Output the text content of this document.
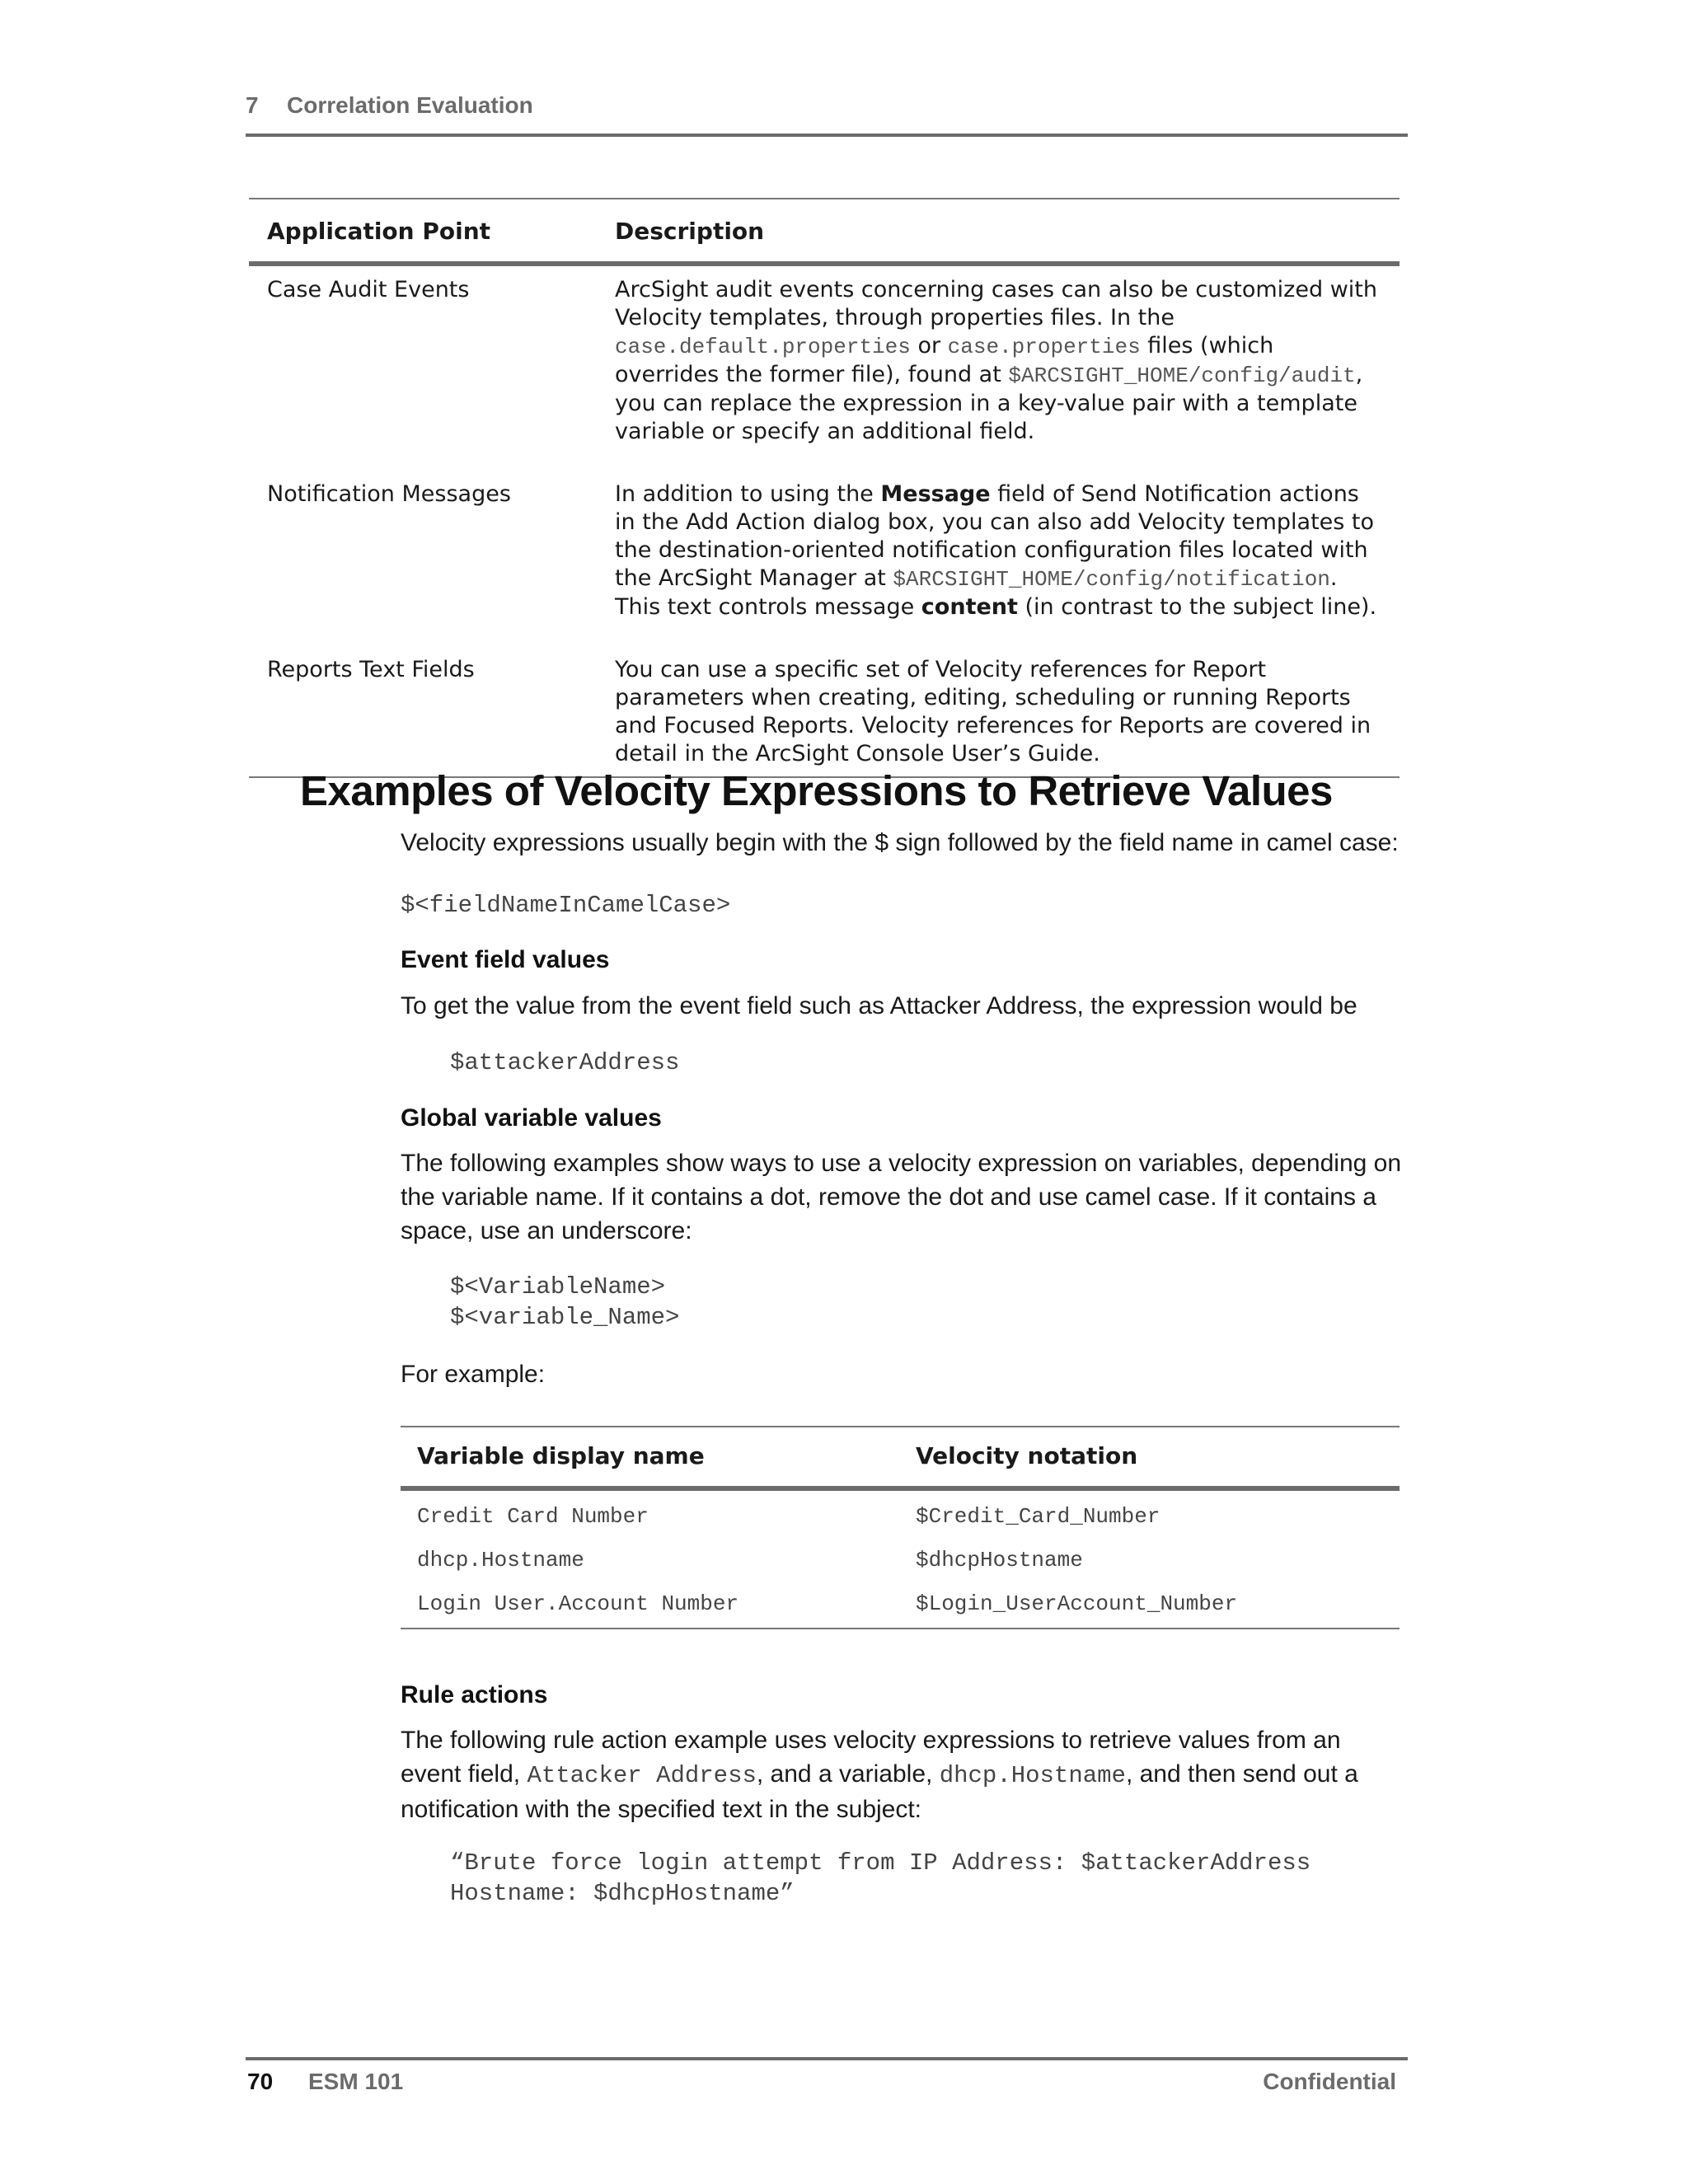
7 Correlation Evaluation
Application Point	Description
Case Audit Events	ArcSight audit events concerning cases can also be customized with Velocity templates, through properties files. In the case.default.properties or case.properties files (which overrides the former file), found at $ARCSIGHT_HOME/config/audit, you can replace the expression in a key-value pair with a template variable or specify an additional field.
Notification Messages	In addition to using the Message field of Send Notification actions in the Add Action dialog box, you can also add Velocity templates to the destination-oriented notification configuration files located with the ArcSight Manager at $ARCSIGHT_HOME/config/notification. This text controls message content (in contrast to the subject line).
Reports Text Fields	You can use a specific set of Velocity references for Report parameters when creating, editing, scheduling or running Reports and Focused Reports. Velocity references for Reports are covered in detail in the ArcSight Console User’s Guide.
Examples of Velocity Expressions to Retrieve Values
Velocity expressions usually begin with the $ sign followed by the field name in camel case:
$<fieldNameInCamelCase>
Event field values
To get the value from the event field such as Attacker Address, the expression would be
$attackerAddress
Global variable values
The following examples show ways to use a velocity expression on variables, depending on the variable name. If it contains a dot, remove the dot and use camel case. If it contains a space, use an underscore:
$<VariableName>
$<variable_Name>
For example:
Variable display name	Velocity notation
Credit Card Number	$Credit_Card_Number
dhcp.Hostname	$dhcpHostname
Login User.Account Number	$Login_UserAccount_Number
Rule actions
The following rule action example uses velocity expressions to retrieve values from an event field, Attacker Address, and a variable, dhcp.Hostname, and then send out a notification with the specified text in the subject:
“Brute force login attempt from IP Address: $attackerAddress
Hostname: $dhcpHostname”
70 ESM 101	Confidential
